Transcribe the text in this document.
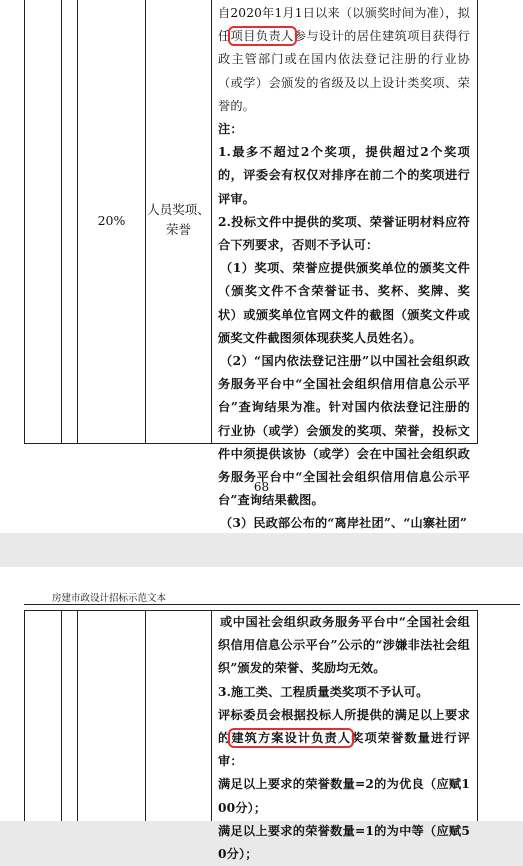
20%
人员奖项、
荣誉

自2020年1月1日以来（以颁奖时间为准），拟任项目负责人参与设计的居住建筑项目获得行政主管部门或在国内依法登记注册的行业协（或学）会颁发的省级及以上设计类奖项、荣誉的。

注：

1.最多不超过2个奖项，提供超过2个奖项的，评委会有权仅对排序在前二个的奖项进行评审。

2.投标文件中提供的奖项、荣誉证明材料应符合下列要求，否则不予认可：

（1）奖项、荣誉应提供颁奖单位的颁奖文件（颁奖文件不含荣誉证书、奖杯、奖牌、奖状）或颁奖单位官网文件的截图（颁奖文件或颁奖文件截图须体现获奖人员姓名）。

（2）“国内依法登记注册”以中国社会组织政务服务平台中“全国社会组织信用信息公示平台”查询结果为准。针对国内依法登记注册的行业协（或学）会颁发的奖项、荣誉，投标文件中须提供该协（或学）会在中国社会组织政务服务平台中“全国社会组织信用信息公示平台”查询结果截图。

（3）民政部公布的“离岸社团”、“山寨社团”

68
房建市政设计招标示范文本

或中国社会组织政务服务平台中“全国社会组织信用信息公示平台”公示的“涉嫌非法社会组织”颁发的荣誉、奖励均无效。

3.施工类、工程质量类奖项不予认可。

评标委员会根据投标人所提供的满足以上要求的建筑方案设计负责人奖项荣誉数量进行评审：

满足以上要求的荣誉数量=2的为优良（应赋100分）；

满足以上要求的荣誉数量=1的为中等（应赋50分）；
